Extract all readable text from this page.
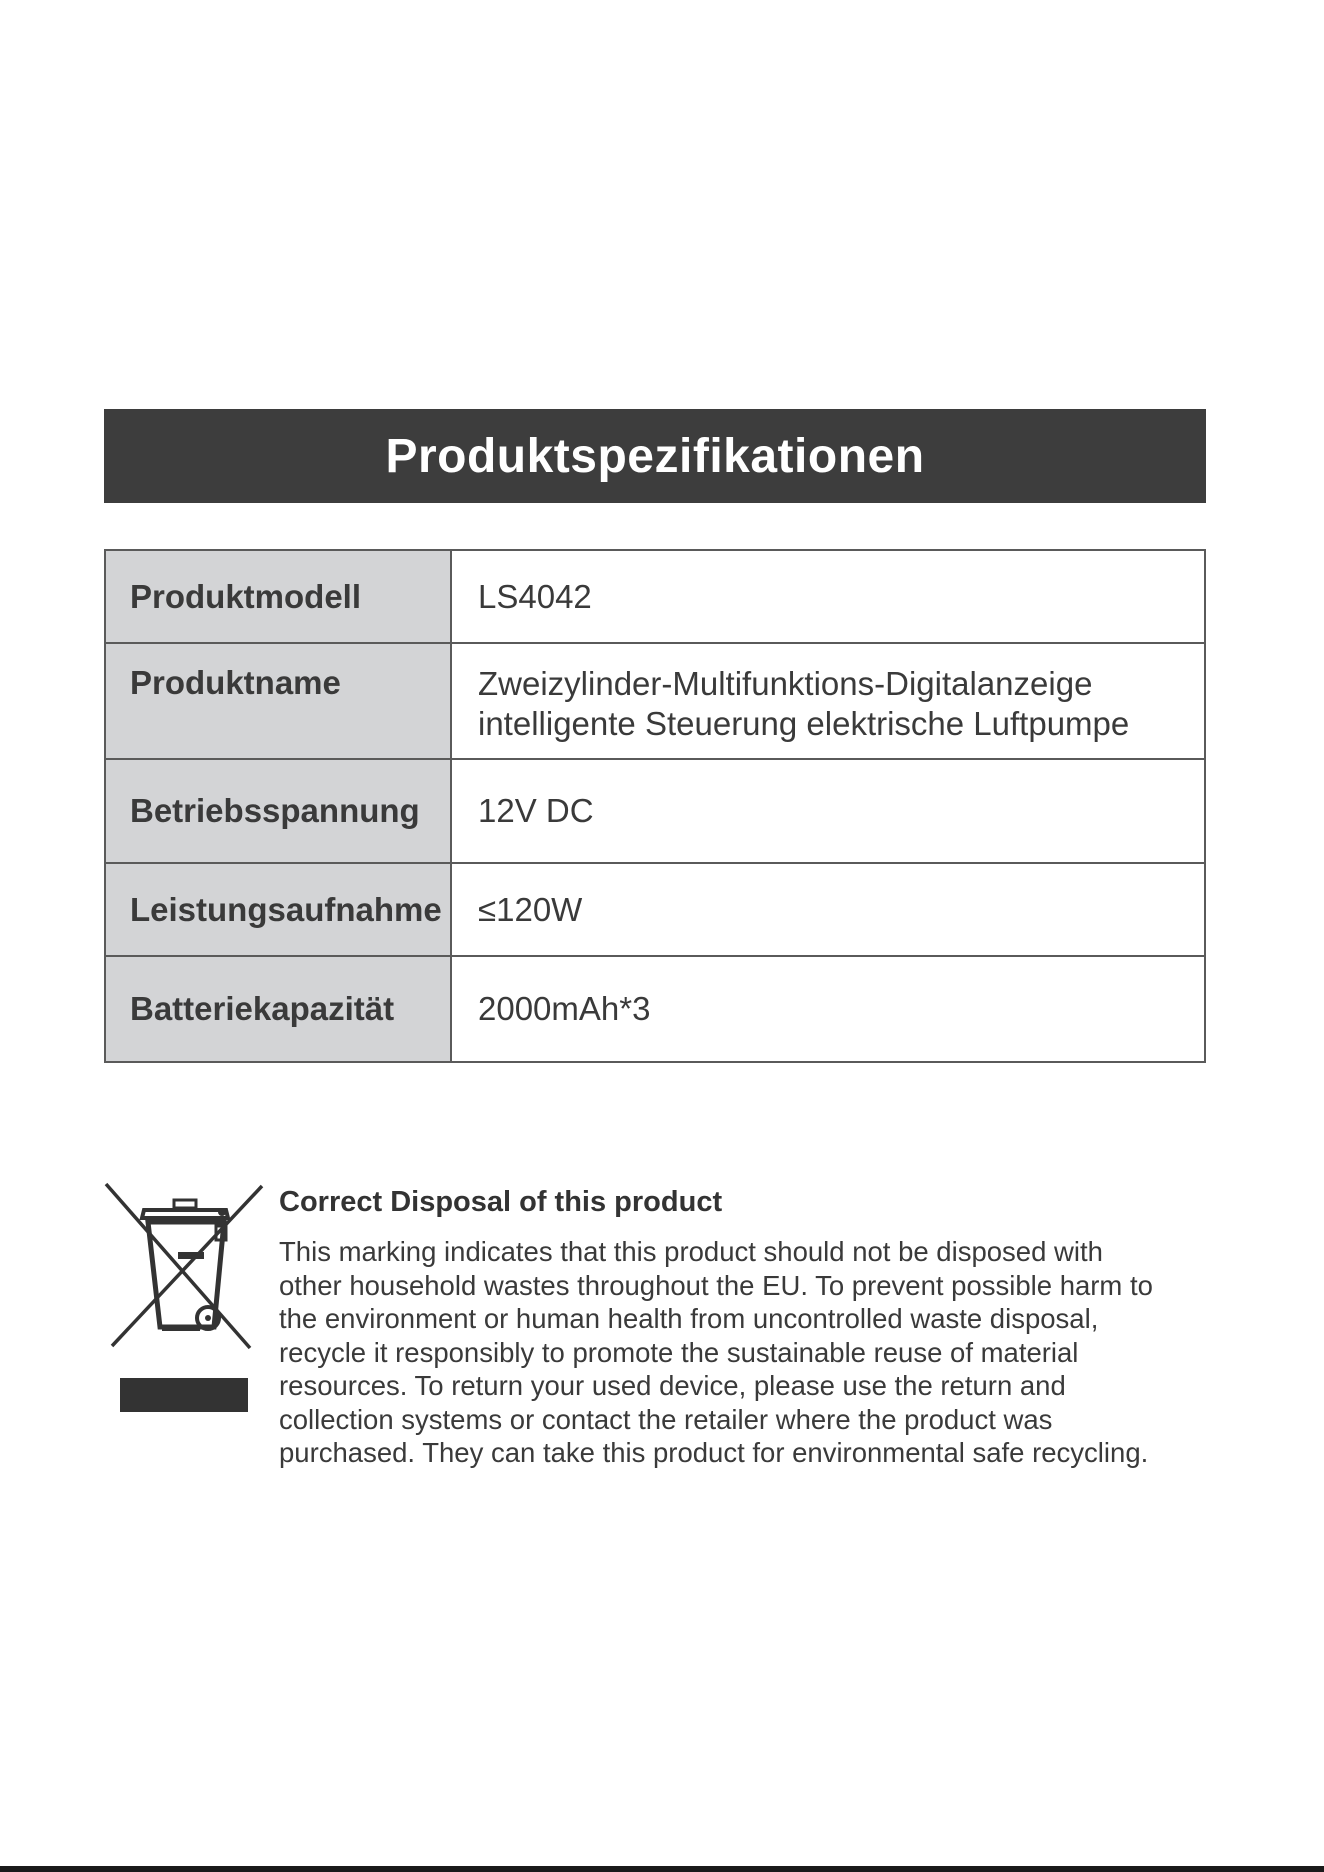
Produktspezifikationen
Produktmodell	LS4042

Produktname	Zweizylinder-Multifunktions-Digitalanzeige
intelligente Steuerung elektrische Luftpumpe

Betriebsspannung	12V DC

Leistungsaufnahme	≤120W

Batteriekapazität	2000mAh*3
Correct Disposal of this product
This marking indicates that this product should not be disposed with
other household wastes throughout the EU. To prevent possible harm to
the environment or human health from uncontrolled waste disposal,
recycle it responsibly to promote the sustainable reuse of material
resources. To return your used device, please use the return and
collection systems or contact the retailer where the product was
purchased. They can take this product for environmental safe recycling.
